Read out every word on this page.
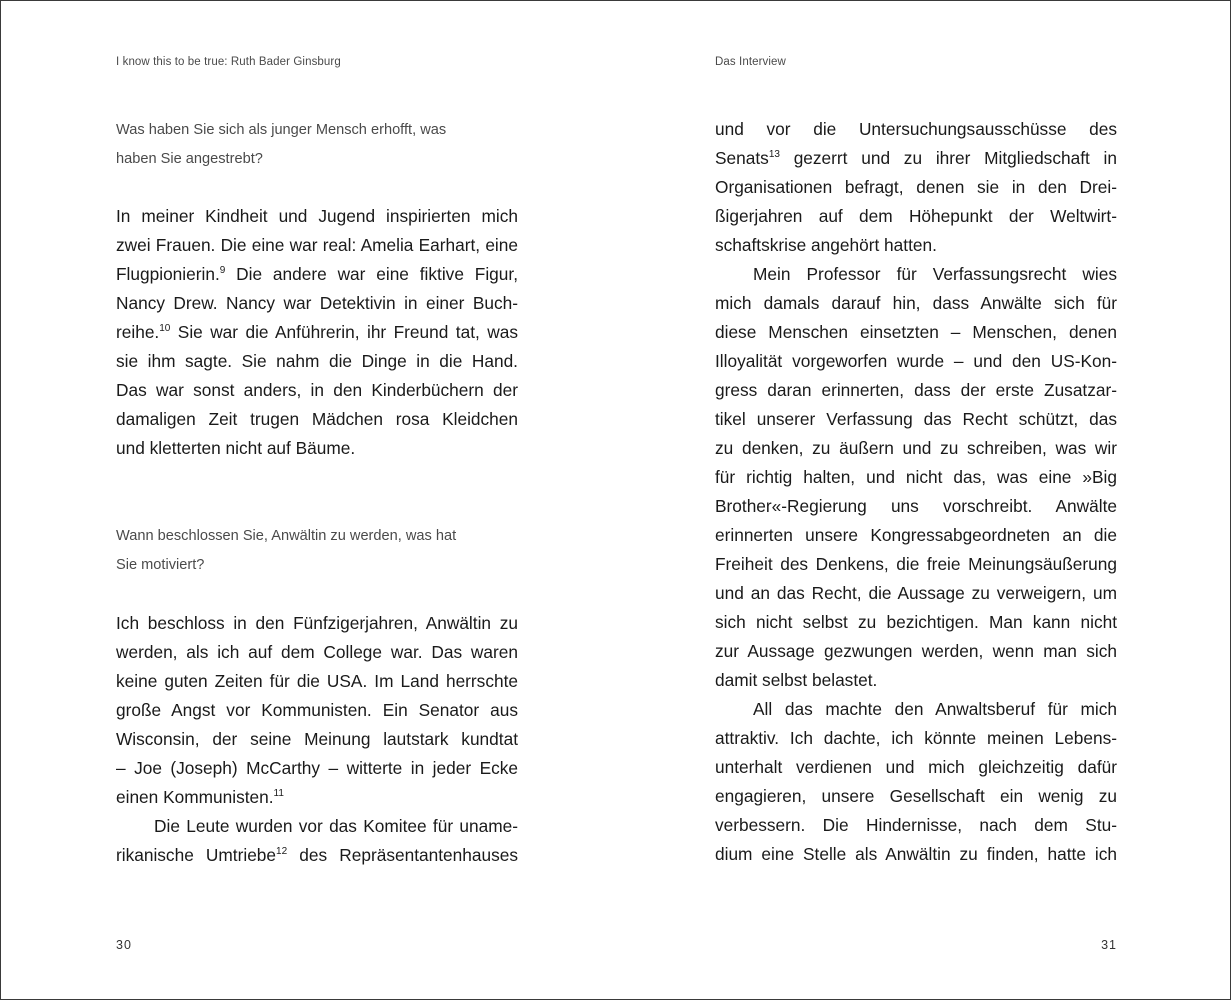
I know this to be true: Ruth Bader Ginsburg
Was haben Sie sich als junger Mensch erhofft, was
haben Sie angestrebt?
In meiner Kindheit und Jugend inspirierten mich
zwei Frauen. Die eine war real: Amelia Earhart, eine
Flugpionierin.$^9$ Die andere war eine fiktive Figur,
Nancy Drew. Nancy war Detektivin in einer Buch-
reihe.$^{10}$ Sie war die Anführerin, ihr Freund tat, was
sie ihm sagte. Sie nahm die Dinge in die Hand.
Das war sonst anders, in den Kinderbüchern der
damaligen Zeit trugen Mädchen rosa Kleidchen
und kletterten nicht auf Bäume.
Wann beschlossen Sie, Anwältin zu werden, was hat
Sie motiviert?
Ich beschloss in den Fünfzigerjahren, Anwältin zu
werden, als ich auf dem College war. Das waren
keine guten Zeiten für die USA. Im Land herrschte
große Angst vor Kommunisten. Ein Senator aus
Wisconsin, der seine Meinung lautstark kundtat
– Joe (Joseph) McCarthy – witterte in jeder Ecke
einen Kommunisten.$^{11}$
Die Leute wurden vor das Komitee für uname-
rikanische Umtriebe$^{12}$ des Repräsentantenhauses
30
Das Interview
und vor die Untersuchungsausschüsse des
Senats$^{13}$ gezerrt und zu ihrer Mitgliedschaft in
Organisationen befragt, denen sie in den Drei-
ßigerjahren auf dem Höhepunkt der Weltwirt-
schaftskrise angehört hatten.
Mein Professor für Verfassungsrecht wies
mich damals darauf hin, dass Anwälte sich für
diese Menschen einsetzten – Menschen, denen
Illoyalität vorgeworfen wurde – und den US-Kon-
gress daran erinnerten, dass der erste Zusatzar-
tikel unserer Verfassung das Recht schützt, das
zu denken, zu äußern und zu schreiben, was wir
für richtig halten, und nicht das, was eine »Big
Brother«-Regierung uns vorschreibt. Anwälte
erinnerten unsere Kongressabgeordneten an die
Freiheit des Denkens, die freie Meinungsäußerung
und an das Recht, die Aussage zu verweigern, um
sich nicht selbst zu bezichtigen. Man kann nicht
zur Aussage gezwungen werden, wenn man sich
damit selbst belastet.
All das machte den Anwaltsberuf für mich
attraktiv. Ich dachte, ich könnte meinen Lebens-
unterhalt verdienen und mich gleichzeitig dafür
engagieren, unsere Gesellschaft ein wenig zu
verbessern. Die Hindernisse, nach dem Stu-
dium eine Stelle als Anwältin zu finden, hatte ich
31
